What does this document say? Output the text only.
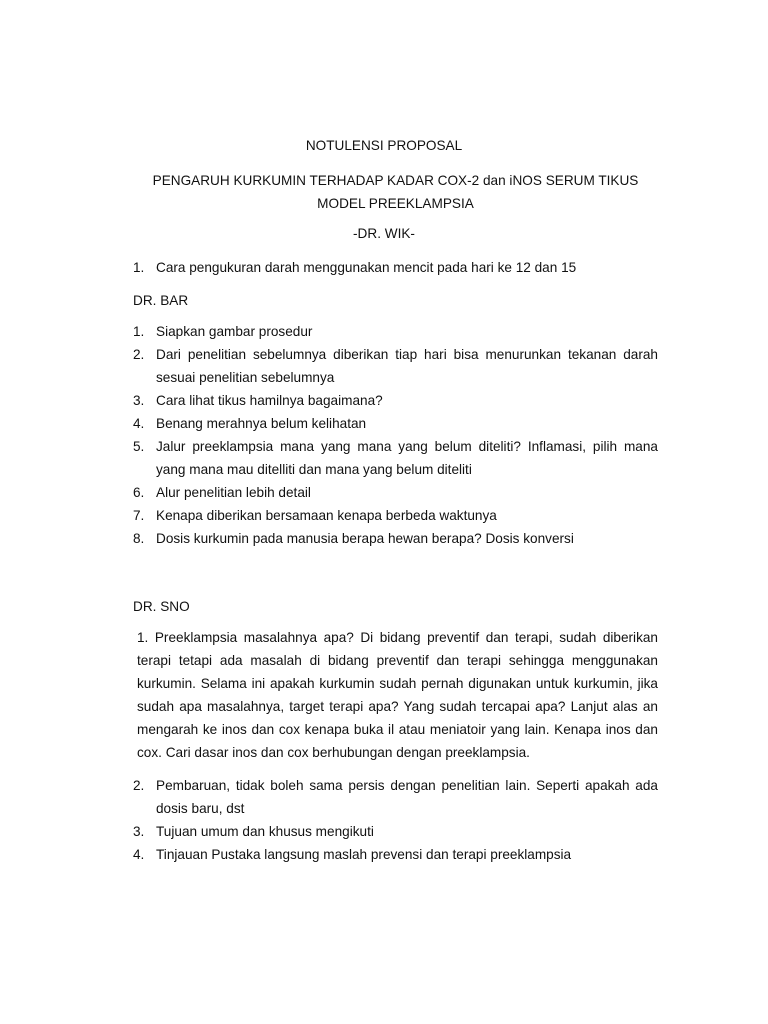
NOTULENSI PROPOSAL
PENGARUH KURKUMIN TERHADAP KADAR COX-2 dan iNOS SERUM TIKUS
MODEL PREEKLAMPSIA
-DR. WIK-
1. Cara pengukuran darah menggunakan mencit pada hari ke 12 dan 15
DR. BAR
1. Siapkan gambar prosedur
2. Dari penelitian sebelumnya diberikan tiap hari bisa menurunkan tekanan darah sesuai penelitian sebelumnya
3. Cara lihat tikus hamilnya bagaimana?
4. Benang merahnya belum kelihatan
5. Jalur preeklampsia mana yang mana yang belum diteliti? Inflamasi, pilih mana yang mana mau ditelliti dan mana yang belum diteliti
6. Alur penelitian lebih detail
7. Kenapa diberikan bersamaan kenapa berbeda waktunya
8. Dosis kurkumin pada manusia berapa hewan berapa? Dosis konversi
DR. SNO
1. Preeklampsia masalahnya apa? Di bidang preventif dan terapi, sudah diberikan terapi tetapi ada masalah di bidang preventif dan terapi sehingga menggunakan kurkumin. Selama ini apakah kurkumin sudah pernah digunakan untuk kurkumin, jika sudah apa masalahnya, target terapi apa? Yang sudah tercapai apa? Lanjut alas an mengarah ke inos dan cox kenapa buka il atau meniatoir yang lain. Kenapa inos dan cox. Cari dasar inos dan cox berhubungan dengan preeklampsia.
2. Pembaruan, tidak boleh sama persis dengan penelitian lain. Seperti apakah ada dosis baru, dst
3. Tujuan umum dan khusus mengikuti
4. Tinjauan Pustaka langsung maslah prevensi dan terapi preeklampsia
